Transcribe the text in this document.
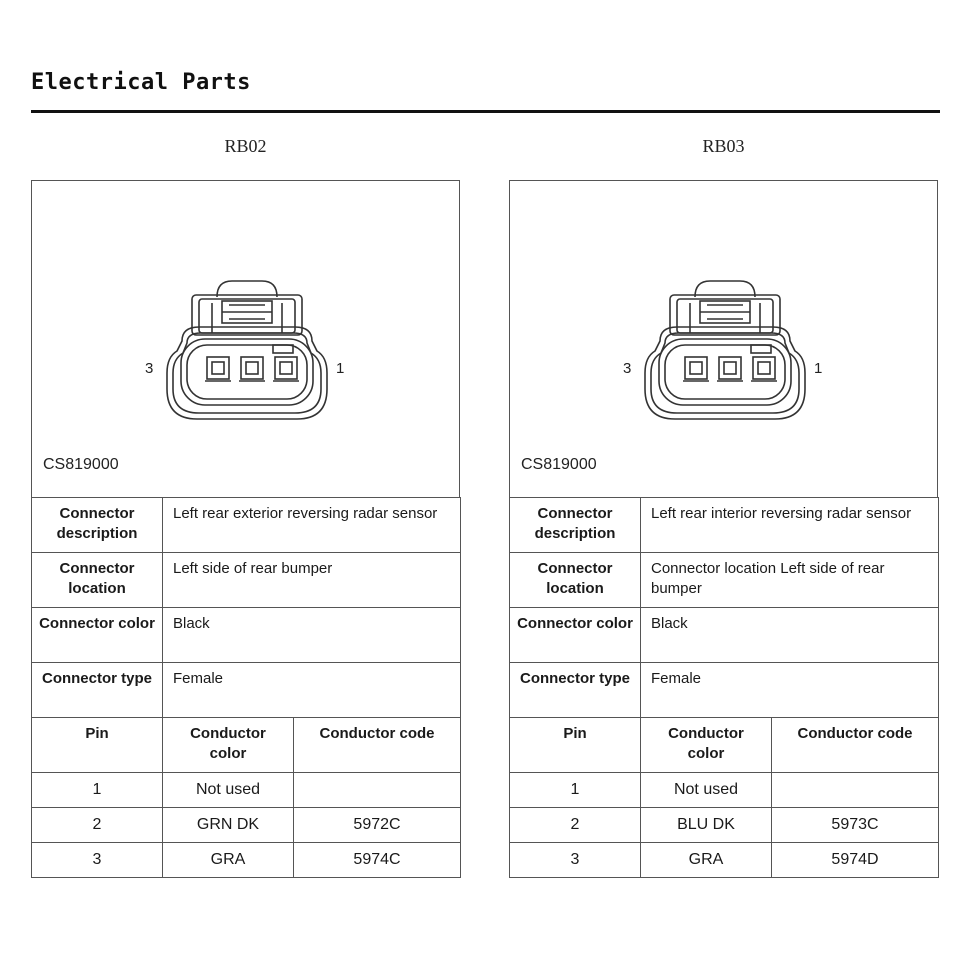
Electrical Parts
RB02
3	1
CS819000
Connector description	Left rear exterior reversing radar sensor	
Connector location	Left side of rear bumper	
Connector color	Black	
Connector type	Female	
Pin	Conductor color	Conductor code
1	Not used	
2	GRN DK	5972C
3	GRA	5974C
RB03
3	1
CS819000
Connector description	Left rear interior reversing radar sensor	
Connector location	Connector location Left side of rear bumper	
Connector color	Black	
Connector type	Female	
Pin	Conductor color	Conductor code
1	Not used	
2	BLU DK	5973C
3	GRA	5974D
